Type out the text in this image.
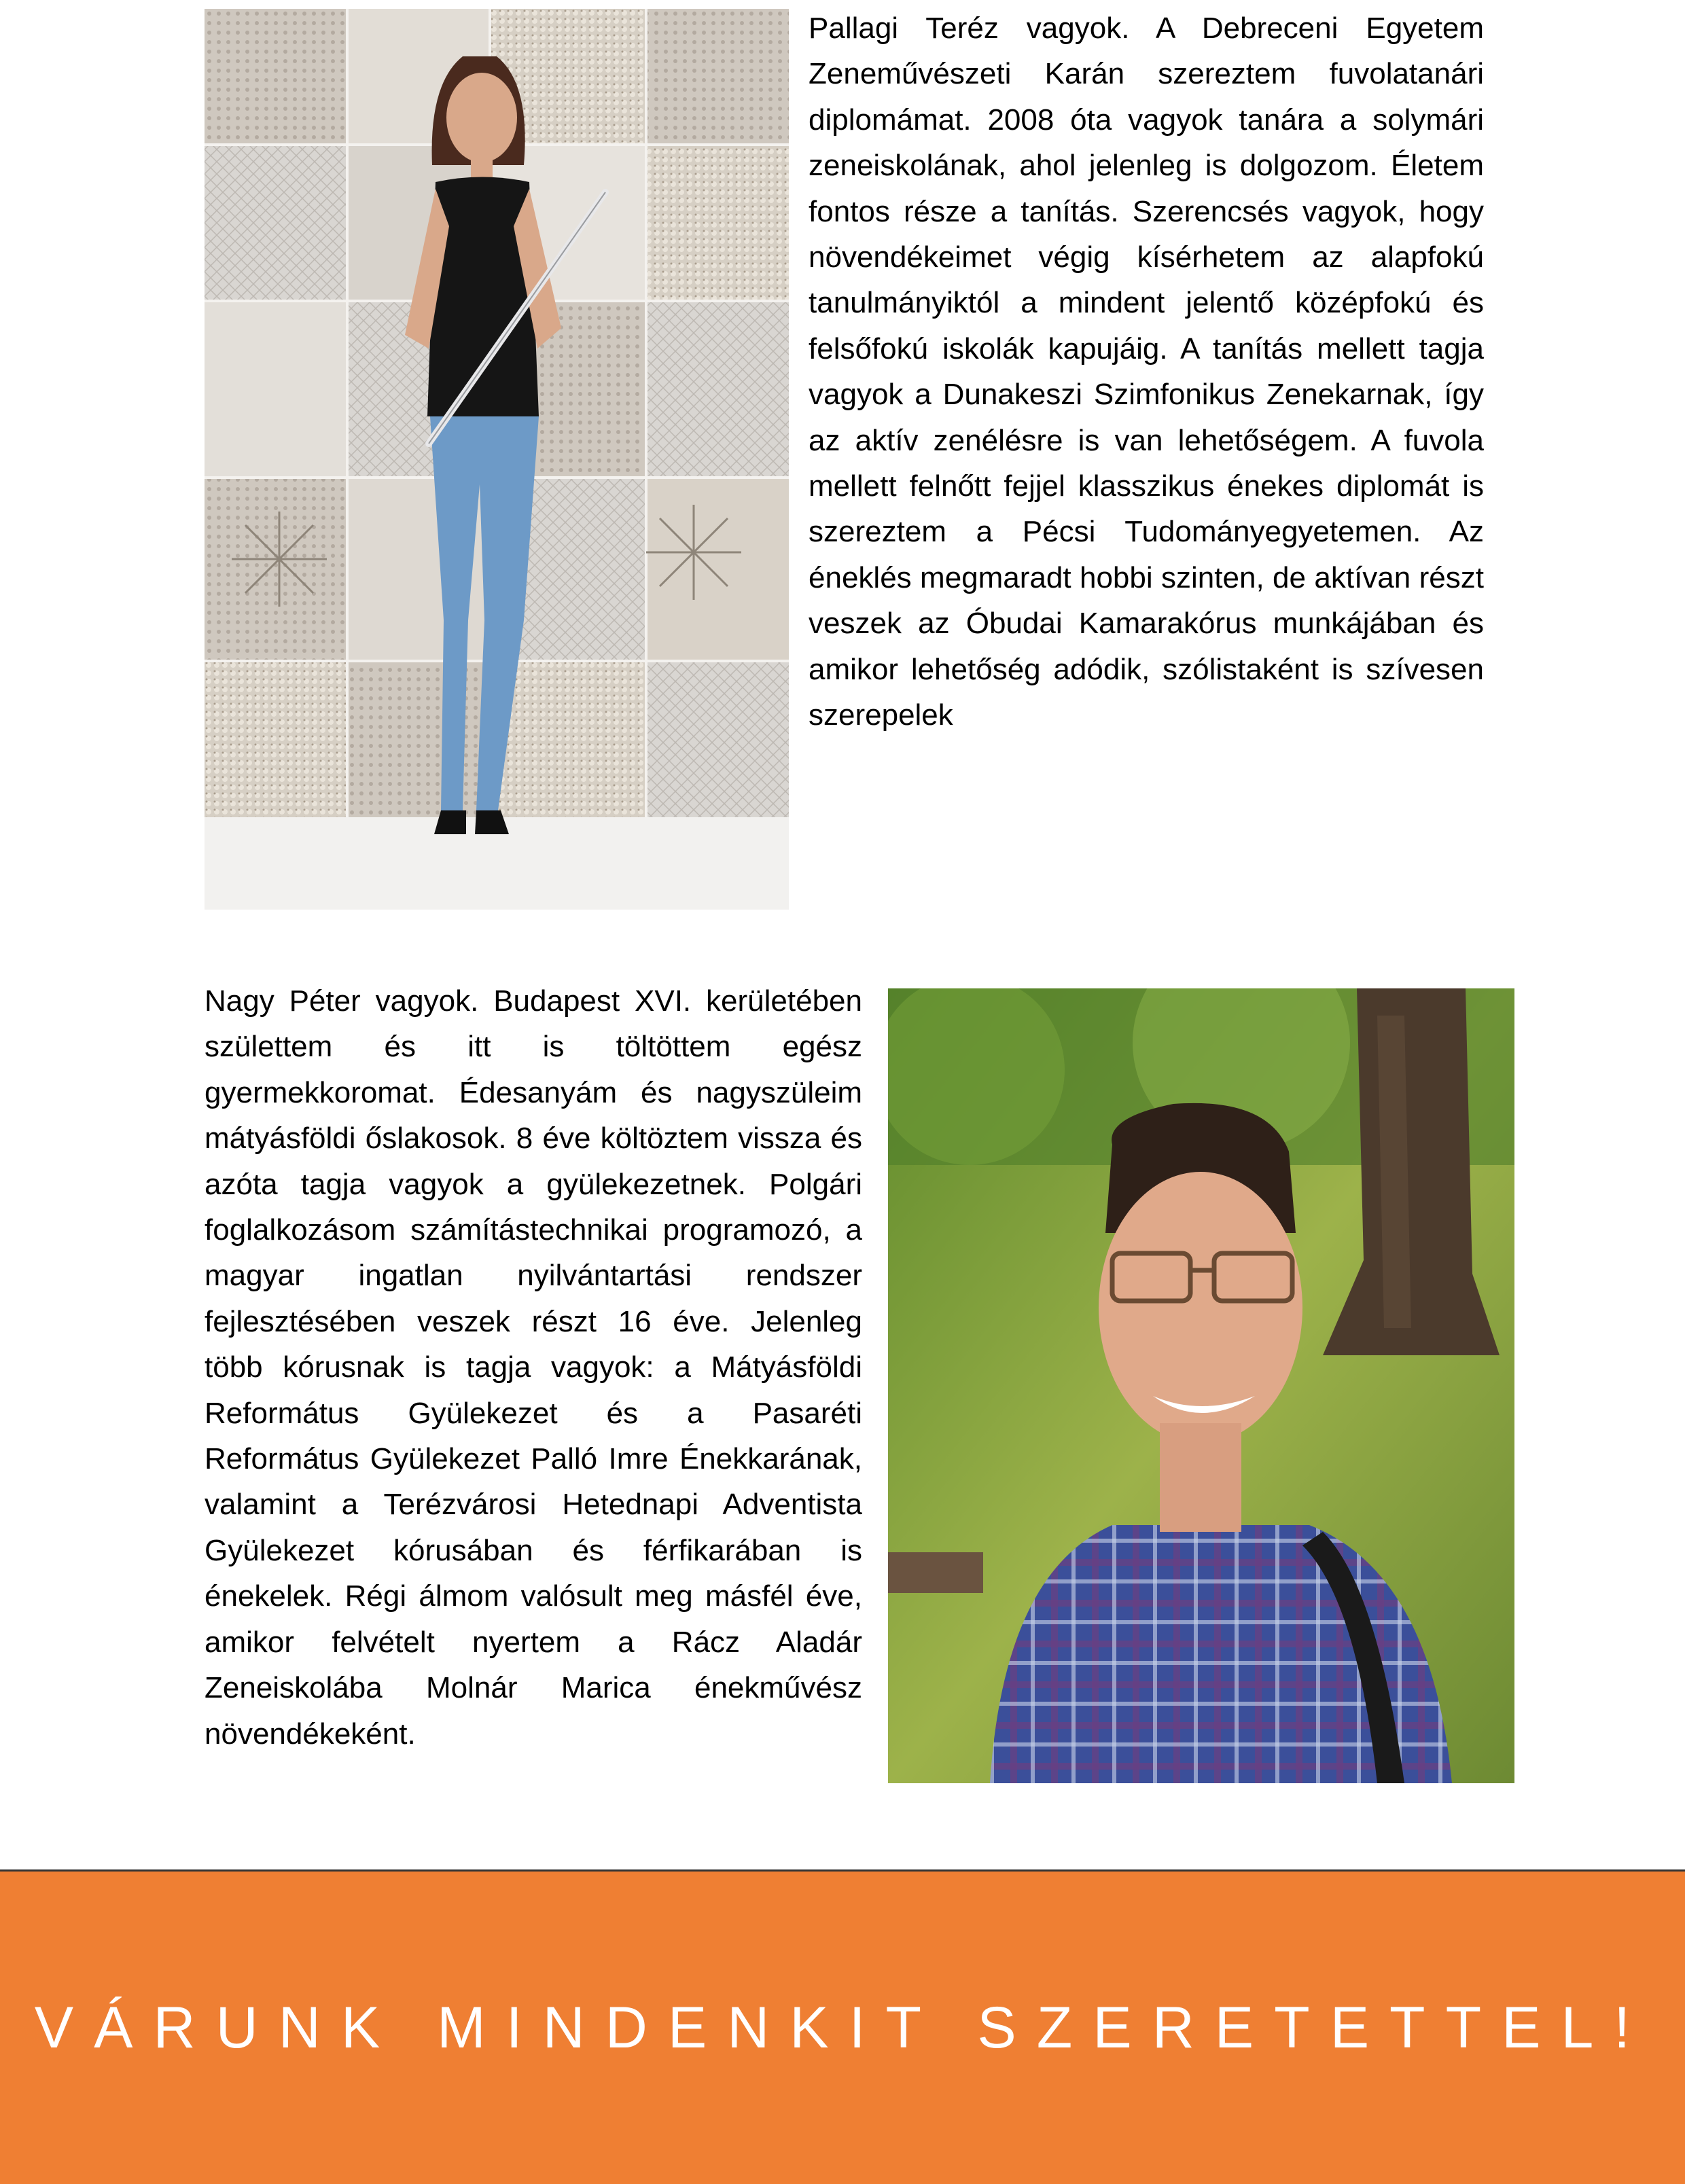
Pallagi Teréz vagyok. A Debreceni Egyetem Zeneművészeti Karán szereztem fuvolatanári diplomámat. 2008 óta vagyok tanára a solymári zeneiskolának, ahol jelenleg is dolgozom. Életem fontos része a tanítás. Szerencsés vagyok, hogy növendékeimet végig kísérhetem az alapfokú tanulmányiktól a mindent jelentő középfokú és felsőfokú iskolák kapujáig. A tanítás mellett tagja vagyok a Dunakeszi Szimfonikus Zenekarnak, így az aktív zenélésre is van lehetőségem. A fuvola mellett felnőtt fejjel klasszikus énekes diplomát is szereztem a Pécsi Tudományegyetemen. Az éneklés megmaradt hobbi szinten, de aktívan részt veszek az Óbudai Kamarakórus munkájában és amikor lehetőség adódik, szólistaként is szívesen szerepelek

Nagy Péter vagyok. Budapest XVI. kerületében születtem és itt is töltöttem egész gyermekkoromat. Édesanyám és nagyszüleim mátyásföldi őslakosok. 8 éve költöztem vissza és azóta tagja vagyok a gyülekezetnek. Polgári foglalkozásom számítástechnikai programozó, a magyar ingatlan nyilvántartási rendszer fejlesztésében veszek részt 16 éve. Jelenleg több kórusnak is tagja vagyok: a Mátyásföldi Református Gyülekezet és a Pasaréti Református Gyülekezet Palló Imre Énekkarának, valamint a Terézvárosi Hetednapi Adventista Gyülekezet kórusában és férfikarában is énekelek. Régi álmom valósult meg másfél éve, amikor felvételt nyertem a Rácz Aladár Zeneiskolába Molnár Marica énekművész növendékeként.

VÁRUNK MINDENKIT SZERETETTEL!
